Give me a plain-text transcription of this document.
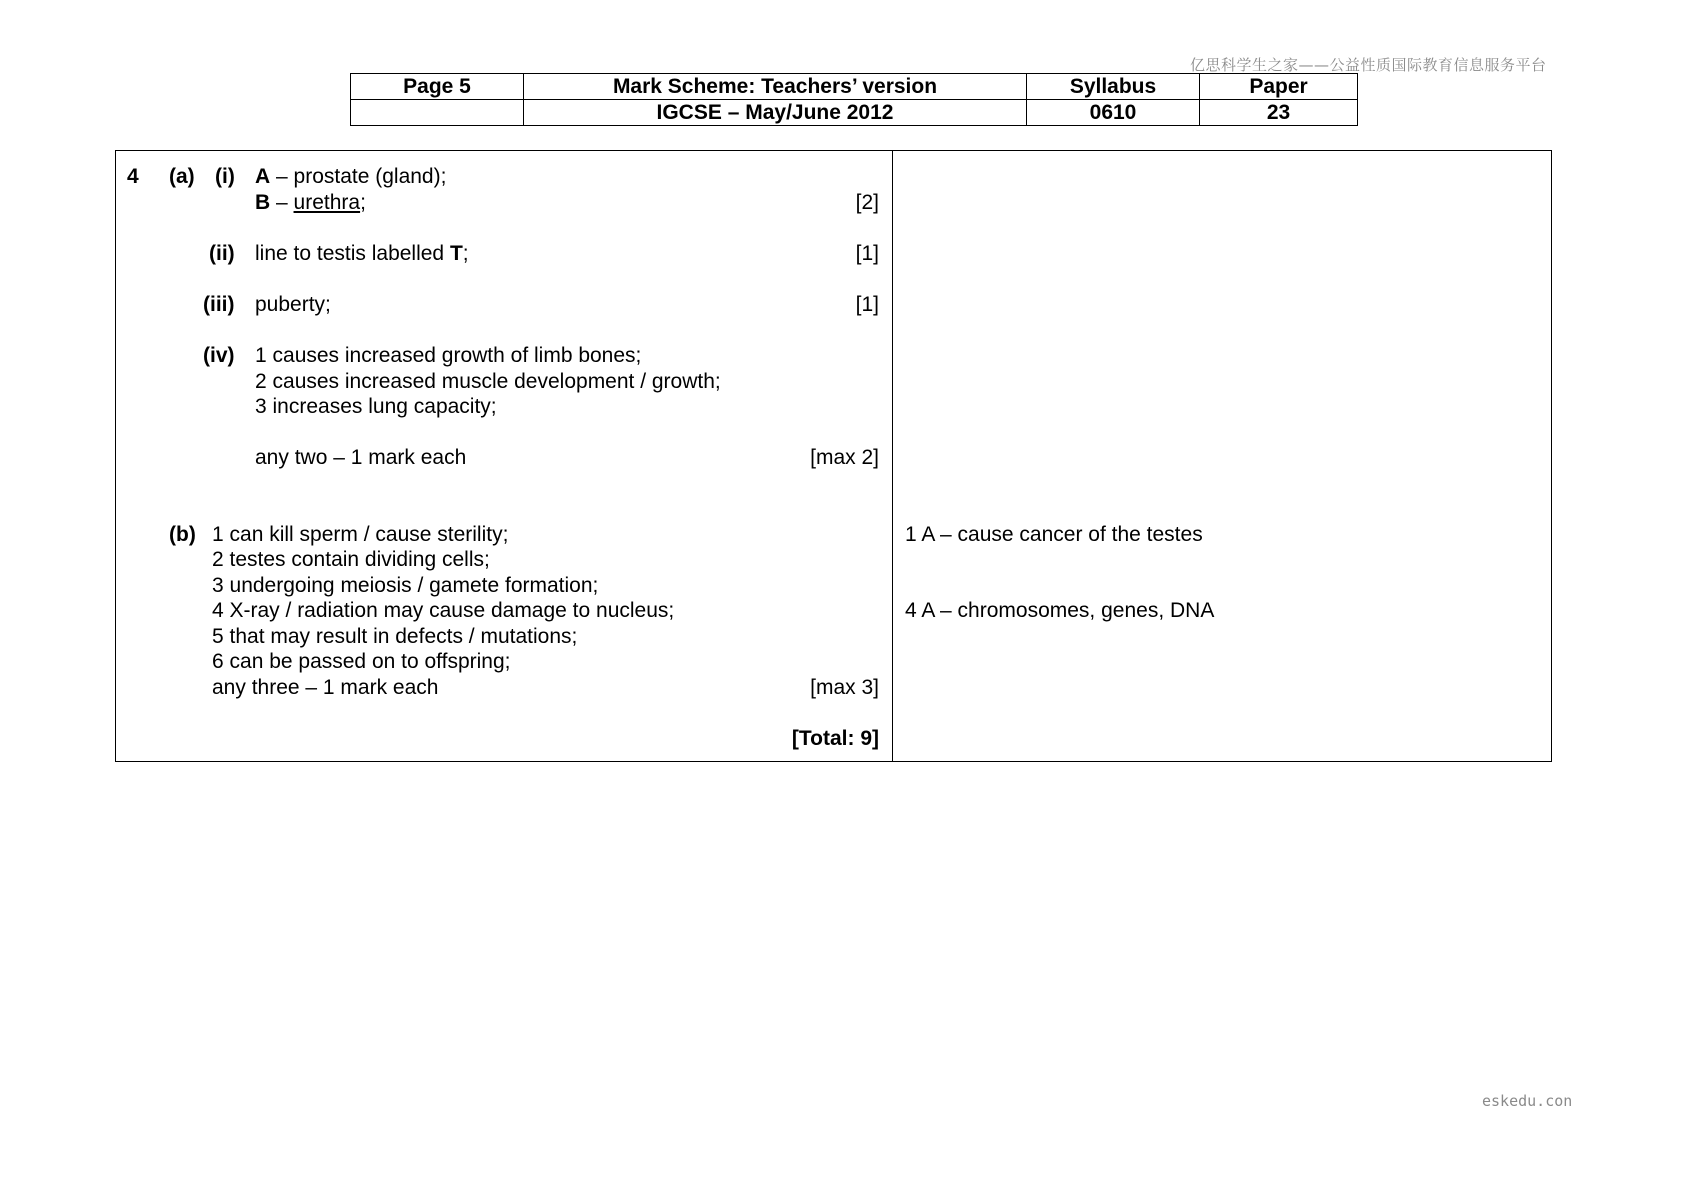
亿思科学生之家——公益性质国际教育信息服务平台
Page 5	Mark Scheme: Teachers’ version	Syllabus	Paper
	IGCSE – May/June 2012	0610	23
4 (a) (i) A – prostate (gland);
B – urethra;	[2]
(ii) line to testis labelled T;	[1]
(iii) puberty;	[1]
(iv) 1 causes increased growth of limb bones;
2 causes increased muscle development / growth;
3 increases lung capacity;
any two – 1 mark each	[max 2]
(b) 1 can kill sperm / cause sterility;
2 testes contain dividing cells;
3 undergoing meiosis / gamete formation;
4 X-ray / radiation may cause damage to nucleus;
5 that may result in defects / mutations;
6 can be passed on to offspring;
any three – 1 mark each	[max 3]
[Total: 9]
1 A – cause cancer of the testes
4 A – chromosomes, genes, DNA
eskedu.con
